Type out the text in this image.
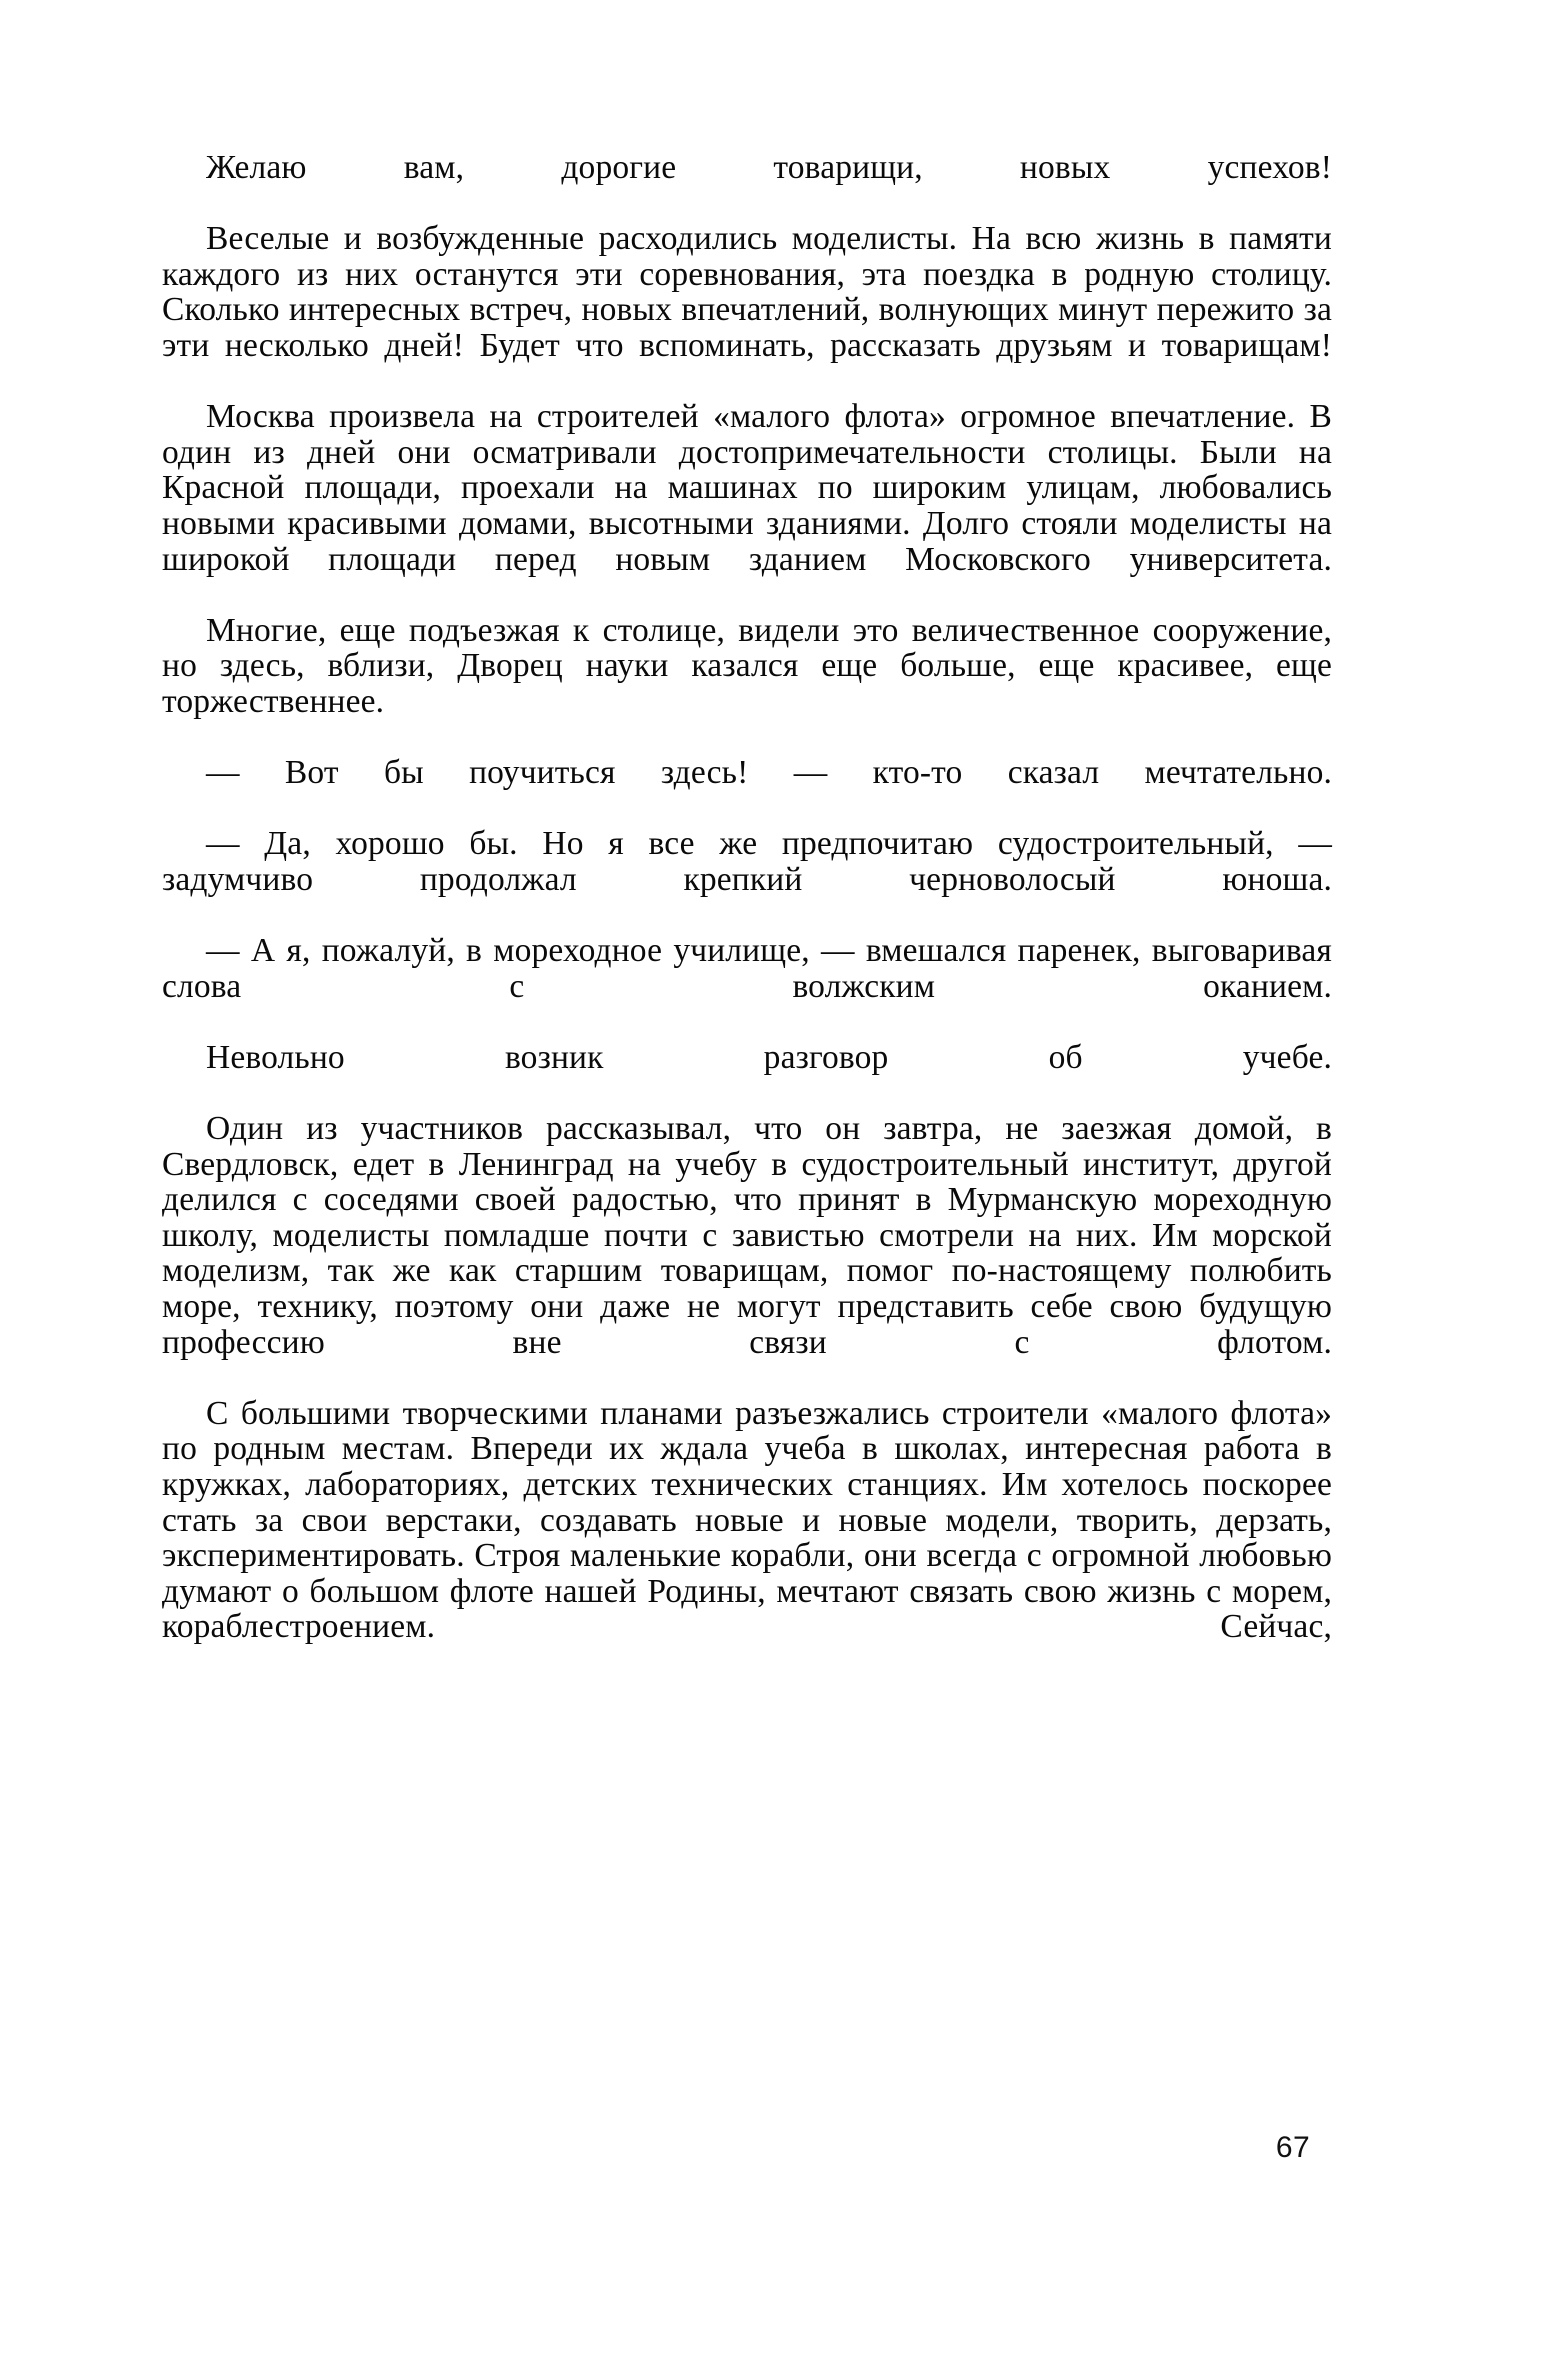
Желаю вам, дорогие товарищи, новых успехов!

Веселые и возбужденные расходились моделисты. На всю жизнь в памяти каждого из них останутся эти соревнования, эта поездка в родную столицу. Сколько интересных встреч, новых впечатлений, волнующих минут пережито за эти несколько дней! Будет что вспоминать, рассказать друзьям и товарищам!

Москва произвела на строителей «малого флота» огромное впечатление. В один из дней они осматривали достопримечательности столицы. Были на Красной площади, проехали на машинах по широким улицам, любовались новыми красивыми домами, высотными зданиями. Долго стояли моделисты на широкой площади перед новым зданием Московского университета.

Многие, еще подъезжая к столице, видели это величественное сооружение, но здесь, вблизи, Дворец науки казался еще больше, еще красивее, еще торжественнее.

— Вот бы поучиться здесь! — кто-то сказал мечтательно.

— Да, хорошо бы. Но я все же предпочитаю судостроительный, — задумчиво продолжал крепкий черноволосый юноша.

— А я, пожалуй, в мореходное училище, — вмешался паренек, выговаривая слова с волжским оканием.

Невольно возник разговор об учебе.

Один из участников рассказывал, что он завтра, не заезжая домой, в Свердловск, едет в Ленинград на учебу в судостроительный институт, другой делился с соседями своей радостью, что принят в Мурманскую мореходную школу, моделисты помладше почти с завистью смотрели на них. Им морской моделизм, так же как старшим товарищам, помог по-настоящему полюбить море, технику, поэтому они даже не могут представить себе свою будущую профессию вне связи с флотом.

С большими творческими планами разъезжались строители «малого флота» по родным местам. Впереди их ждала учеба в школах, интересная работа в кружках, лабораториях, детских технических станциях. Им хотелось поскорее стать за свои верстаки, создавать новые и новые модели, творить, дерзать, экспериментировать. Строя маленькие корабли, они всегда с огромной любовью думают о большом флоте нашей Родины, мечтают связать свою жизнь с морем, кораблестроением. Сейчас,

67
